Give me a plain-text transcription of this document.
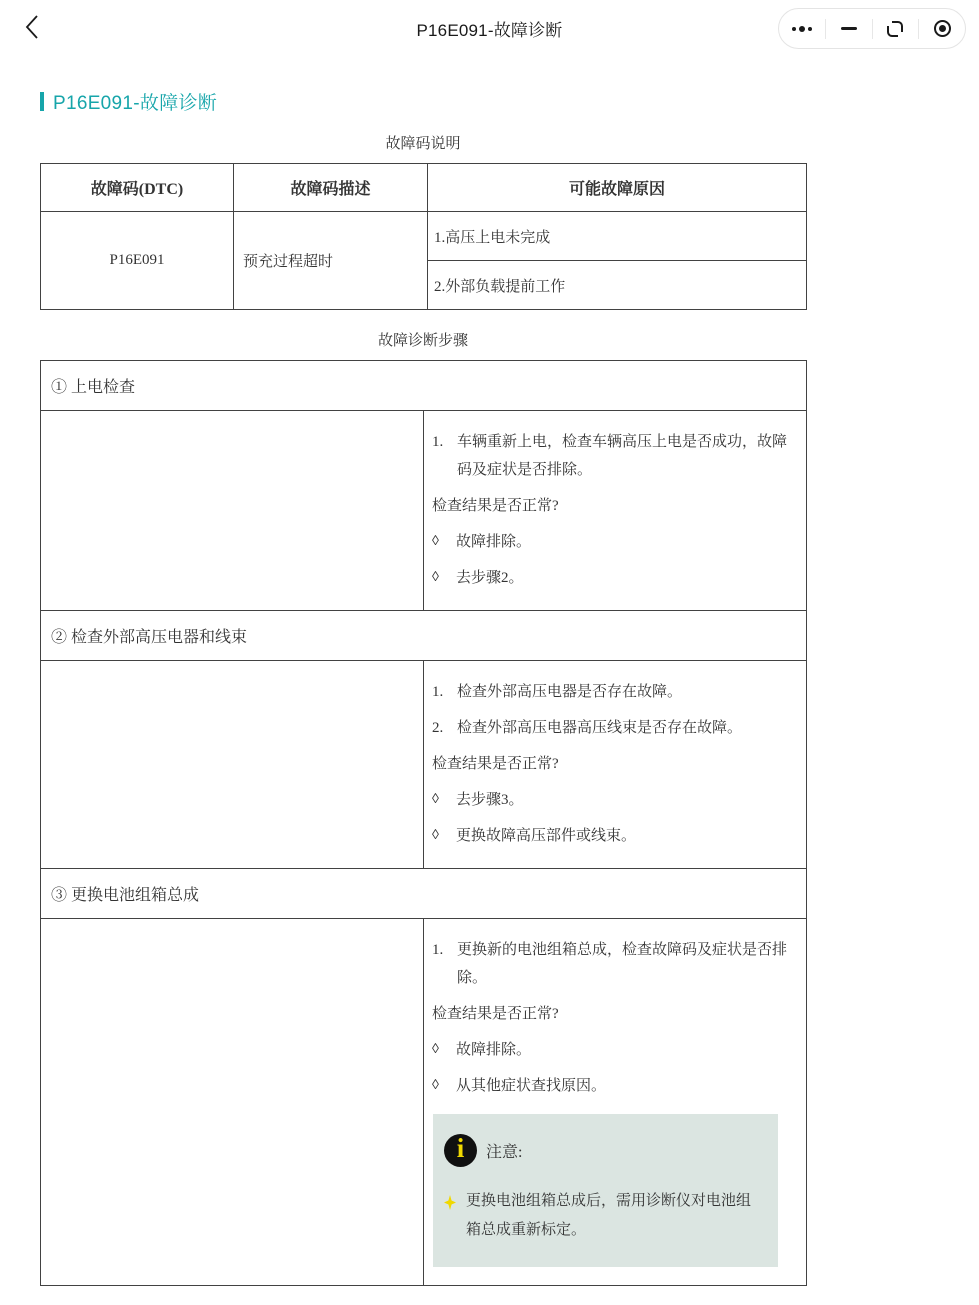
P16E091-故障诊断
P16E091-故障诊断
故障码说明
故障码(DTC)	故障码描述	可能故障原因
P16E091	预充过程超时	1.高压上电未完成
		2.外部负载提前工作
故障诊断步骤
① 上电检查	

1. 车辆重新上电，检查车辆高压上电是否成功，故障码及症状是否排除。
检查结果是否正常?
◊	故障排除。
◊	去步骤2。

② 检查外部高压电器和线束	

1. 检查外部高压电器是否存在故障。
2. 检查外部高压电器高压线束是否存在故障。
检查结果是否正常?
◊	去步骤3。
◊	更换故障高压部件或线束。

③ 更换电池组箱总成	

1. 更换新的电池组箱总成，检查故障码及症状是否排除。
检查结果是否正常?
◊	故障排除。
◊	从其他症状查找原因。
i
注意:
更换电池组箱总成后，需用诊断仪对电池组箱总成重新标定。
